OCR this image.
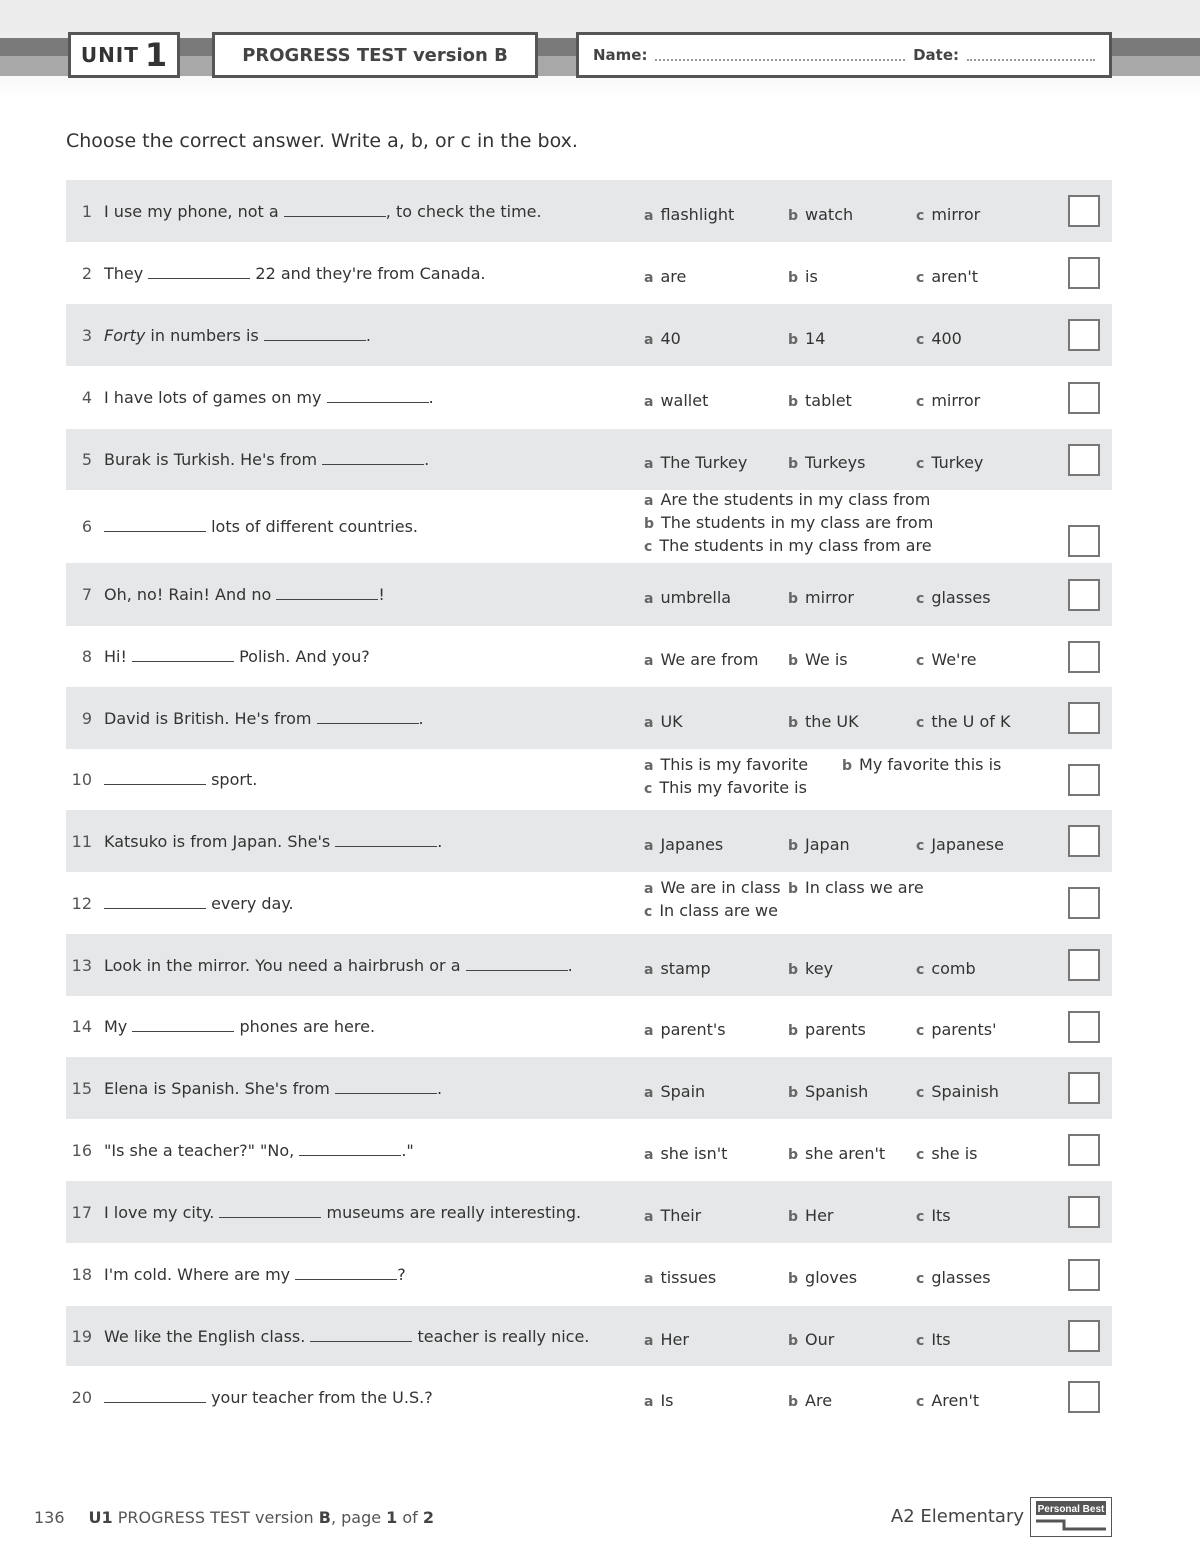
UNIT 1	PROGRESS TEST version B	Name:	Date:
Choose the correct answer. Write a, b, or c in the box.
1 I use my phone, not a	, to check the time.	a flashlight	b watch	c mirror
2 They	22 and they're from Canada.	a are	b is	c aren't
3 Forty in numbers is	.	a 40	b 14	c 400
4 I have lots of games on my	.	a wallet	b tablet	c mirror
5 Burak is Turkish. He's from	.	a The Turkey	b Turkeys	c Turkey
6	lots of different countries.
a Are the students in my class from
b The students in my class are from
c The students in my class from are
7 Oh, no! Rain! And no	!	a umbrella	b mirror	c glasses
8 Hi!	Polish. And you?	a We are from b We is	c We're
9 David is British. He's from	.	a UK	b the UK	c the U of K
10	sport.
a This is my favorite b My favorite this is
c This my favorite is
11 Katsuko is from Japan. She's	.	a Japanes	b Japan	c Japanese
12	every day.
a We are in class b In class we are
c In class are we
13 Look in the mirror. You need a hairbrush or a	.	a stamp	b key	c comb
14 My	phones are here.	a parent's	b parents	c parents'
15 Elena is Spanish. She's from	.	a Spain	b Spanish	c Spainish
16 "Is she a teacher?" "No,	."	a she isn't	b she aren't c she is
17 I love my city.	museums are really interesting.	a Their	b Her	c Its
18 I'm cold. Where are my	?	a tissues	b gloves	c glasses
19 We like the English class.	teacher is really nice.	a Her	b Our	c Its
20	your teacher from the U.S.?	a Is	b Are	c Aren't
136 U1 PROGRESS TEST version B, page 1 of 2	A2 Elementary Personal Best
